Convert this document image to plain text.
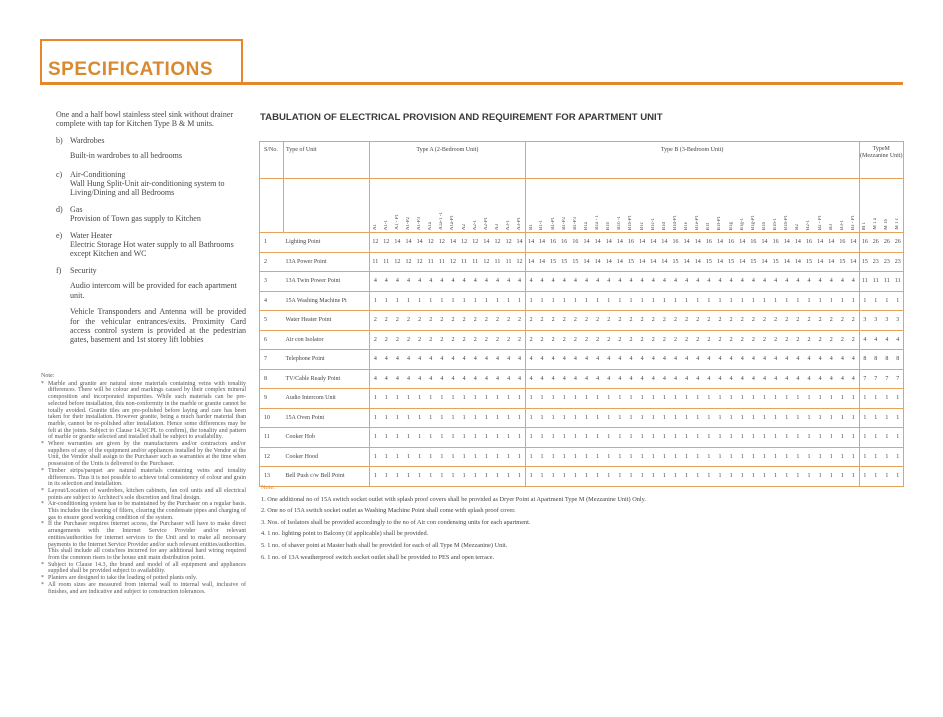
SPECIFICATIONS
One and a half bowl stainless steel sink without drainer complete with tap for Kitchen Type B & M units.
b) Wardrobes
Built-in wardrobes to all bedrooms
c) Air-Conditioning
Wall Hung Split-Unit air-conditioning system to Living/Dining and all Bedrooms
d) Gas
Provision of Town gas supply to Kitchen
e) Water Heater
Electric Storage Hot water supply to all Bathrooms except Kitchen and WC
f)	Security
Audio intercom will be provided for each apartment unit.
Vehicle Transponders and Antenna will be provided for the vehicular entrances/exits. Proximity Card access control system is provided at the pedestrian gates, basement and 1st storey lift lobbies
Note:
* Marble and granite are natural stone materials containing veins with tonality differences. There will be colour and markings caused by their complex mineral composition and incorporated impurities. While such materials can be pre-selected before installation, this non-conformity in the marble or granite cannot be totally avoided. Granite tiles are pre-polished before laying and care has been taken for their installation. However granite, being a much harder material than marble, cannot be re-polished after installation. Hence some differences may be felt at the joints. Subject to Clause 14.3(CPL to confirm), the tonality and pattern of marble or granite selected and installed shall be subject to availability.
* Where warranties are given by the manufacturers and/or contractors and/or suppliers of any of the equipment and/or appliances installed by the Vendor at the Unit, the Vendor shall assign to the Purchaser such as warranties at the time when possession of the Units is delivered to the Purchaser.
* Timber strips/parquet are natural materials containing veins and tonality differences. Thus it is not possible to achieve total consistency of colour and grain in its selection and installation.
* Layout/Location of wardrobes, kitchen cabinets, fan coil units and all electrical points are subject to Architect's sole discretion and final design.
* Air-conditioning system has to be maintained by the Purchaser on a regular basis. This includes the cleaning of filters, clearing the condensate pipes and charging of gas to ensure good working condition of the system.
* If the Purchaser requires internet access, the Purchaser will have to make direct arrangements with the Internet Service Provider and/or relevant entities/authorities for internet services to the Unit and to make all necessary payments to the Internet Service Provider and/or such relevant entities/authorities. This shall include all costs/fees incurred for any additional hard wiring required from the common risers to the house unit main distribution point.
* Subject to Clause 14.3, the brand and model of all equipment and appliances supplied shall be provided subject to availability.
* Planters are designed to take the loading of potted plants only.
* All room sizes are measured from internal wall to internal wall, inclusive of finishes, and are indicative and subject to construction tolerances.
TABULATION OF ELECTRICAL PROVISION AND REQUIREMENT FOR APARTMENT UNIT
S/No.	Type of Unit	Type A (2-Bedroom Unit)														Type B (3-Bedroom Unit)																														TypeM (Mezzanine Unit)			
		A1	A1-1	A1 - P1	A1-P2	A1-P3	A1a	A1a-1 -1	A1a-P1	A2	A2-1	A2-P1	A3	A3-1	A3-P1	B1	B1-1	B1-P1	B1-P2	B1-P3	B1a	B1a - 1	B1b	B1b -1	B1b-P1	B1c	B1c-1	B1d	B1d-P1	B1e	B1e-P1	B1f	B1f-P1	B1g	B1g-1	B1g-P1	B1h	B1h-1	B1h-P1	B2	B2-1	B2 - P1	B3	B3-1	B3 - P1	M 1	M 1 a	M 1b	M 1 c
1	Lighting Point	12	12	14	14	14	12	12	14	12	12	14	12	12	14	14	14	16	16	16	14	14	14	14	16	14	14	14	16	14	14	16	14	16	14	16	14	16	14	14	16	14	14	16	14	16	26	26	26
2	13A Power Point	11	11	12	12	12	11	11	12	11	11	12	11	11	12	14	14	15	15	15	14	14	14	14	15	14	14	14	15	14	14	15	14	15	14	15	14	15	14	14	15	14	14	15	14	15	23	23	23
3	13A Twin Power Point	4	4	4	4	4	4	4	4	4	4	4	4	4	4	4	4	4	4	4	4	4	4	4	4	4	4	4	4	4	4	4	4	4	4	4	4	4	4	4	4	4	4	4	4	11	11	11	11
4	15A Washing Machine Pt	1	1	1	1	1	1	1	1	1	1	1	1	1	1	1	1	1	1	1	1	1	1	1	1	1	1	1	1	1	1	1	1	1	1	1	1	1	1	1	1	1	1	1	1	1	1	1	1
5	Water Heater Point	2	2	2	2	2	2	2	2	2	2	2	2	2	2	2	2	2	2	2	2	2	2	2	2	2	2	2	2	2	2	2	2	2	2	2	2	2	2	2	2	2	2	2	2	3	3	3	3
6	Air con Isolator	2	2	2	2	2	2	2	2	2	2	2	2	2	2	2	2	2	2	2	2	2	2	2	2	2	2	2	2	2	2	2	2	2	2	2	2	2	2	2	2	2	2	2	2	4	4	4	4
7	Telephone Point	4	4	4	4	4	4	4	4	4	4	4	4	4	4	4	4	4	4	4	4	4	4	4	4	4	4	4	4	4	4	4	4	4	4	4	4	4	4	4	4	4	4	4	4	8	8	8	8
8	TV/Cable Ready Point	4	4	4	4	4	4	4	4	4	4	4	4	4	4	4	4	4	4	4	4	4	4	4	4	4	4	4	4	4	4	4	4	4	4	4	4	4	4	4	4	4	4	4	4	7	7	7	7
9	Audio Intercom Unit	1	1	1	1	1	1	1	1	1	1	1	1	1	1	1	1	1	1	1	1	1	1	1	1	1	1	1	1	1	1	1	1	1	1	1	1	1	1	1	1	1	1	1	1	1	1	1	1
10	15A Oven Point	1	1	1	1	1	1	1	1	1	1	1	1	1	1	1	1	1	1	1	1	1	1	1	1	1	1	1	1	1	1	1	1	1	1	1	1	1	1	1	1	1	1	1	1	1	1	1	1
11	Cooker Hob	1	1	1	1	1	1	1	1	1	1	1	1	1	1	1	1	1	1	1	1	1	1	1	1	1	1	1	1	1	1	1	1	1	1	1	1	1	1	1	1	1	1	1	1	1	1	1	1
12	Cooker Hood	1	1	1	1	1	1	1	1	1	1	1	1	1	1	1	1	1	1	1	1	1	1	1	1	1	1	1	1	1	1	1	1	1	1	1	1	1	1	1	1	1	1	1	1	1	1	1	1
13	Bell Push c/w Bell Point	1	1	1	1	1	1	1	1	1	1	1	1	1	1	1	1	1	1	1	1	1	1	1	1	1	1	1	1	1	1	1	1	1	1	1	1	1	1	1	1	1	1	1	1	1	1	1	1
Note:
1. One additional no of 15A switch socket outlet with splash proof covers shall be provided as Dryer Point at Apartment Type M (Mezzanine Unit) Only.
2. One no of 15A switch socket outlet as Washing Machine Point shall come with splash proof cover.
3. Nos. of Isolators shall be provided accordingly to the no of Air con condensing units for each apartment.
4. 1 no. lighting point to Balcony (if applicable) shall be provided.
5. 1 no. of shaver point at Master bath shall be provided for each of all Type M (Mezzanine) Unit.
6. 1 no. of 13A weatherproof switch socket outlet shall be provided to PES and open terrace.
